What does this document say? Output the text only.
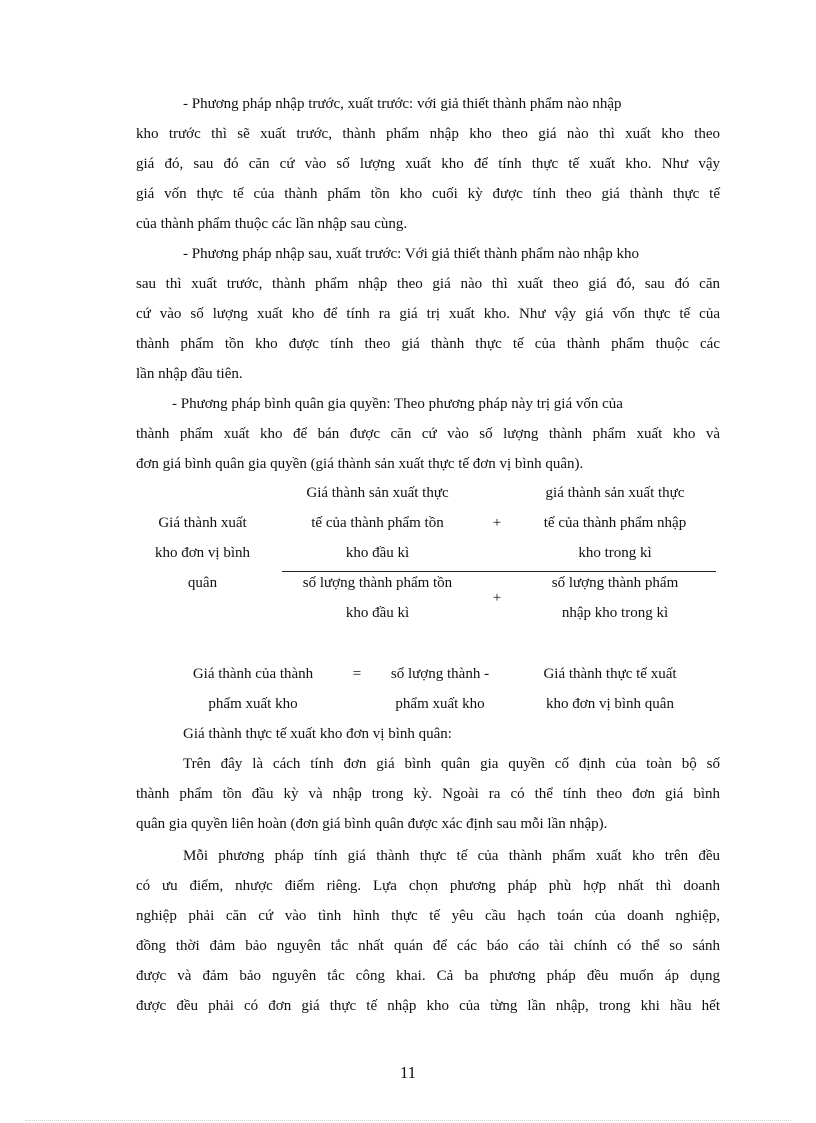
- Phương pháp nhập trước, xuất trước: với giả thiết thành phẩm nào nhập
kho trước thì sẽ xuất trước, thành phẩm nhập kho theo giá nào thì xuất kho theo
giá đó, sau đó căn cứ vào số lượng xuất kho để tính thực tế xuất kho. Như vậy
giá vốn thực tế của thành phẩm tồn kho cuối kỳ được tính theo giá thành thực tế
của thành phẩm thuộc các lần nhập sau cùng.
- Phương pháp nhập sau, xuất trước: Với giả thiết thành phẩm nào nhập kho
sau thì xuất trước, thành phẩm nhập theo giá nào thì xuất theo giá đó, sau đó căn
cứ vào số lượng xuất kho để tính ra giá trị xuất kho. Như vậy giá vốn thực tế của
thành phẩm tồn kho được tính theo giá thành thực tế của thành phẩm thuộc các
lần nhập đầu tiên.
- Phương pháp bình quân gia quyền: Theo phương pháp này trị giá vốn của
thành phẩm xuất kho để bán được căn cứ vào số lượng thành phẩm xuất kho và
đơn giá bình quân gia quyền (giá thành sản xuất thực tế đơn vị bình quân).
Giá thành xuất
kho đơn vị bình
quân
Giá thành sản xuất thực
tế của thành phẩm tồn
kho đầu kì
+
giá thành sản xuất thực
tế của thành phẩm nhập
kho trong kì
số lượng thành phẩm tồn
kho đầu kì
+
số lượng thành phẩm
nhập kho trong kì
Giá thành của thành
phẩm xuất kho
=	số lượng thành -
phẩm xuất kho
Giá thành thực tế xuất
kho đơn vị bình quân
Giá thành thực tế xuất kho đơn vị bình quân:
Trên đây là cách tính đơn giá bình quân gia quyền cố định của toàn bộ số
thành phẩm tồn đầu kỳ và nhập trong kỳ. Ngoài ra có thể tính theo đơn giá bình
quân gia quyền liên hoàn (đơn giá bình quân được xác định sau mỗi lần nhập).
Mỗi phương pháp tính giá thành thực tế của thành phẩm xuất kho trên đều
có ưu điểm, nhược điểm riêng. Lựa chọn phương pháp phù hợp nhất thì doanh
nghiệp phải căn cứ vào tình hình thực tế yêu cầu hạch toán của doanh nghiệp,
đồng thời đảm bảo nguyên tắc nhất quán để các báo cáo tài chính có thể so sánh
được và đảm bảo nguyên tắc công khai. Cả ba phương pháp đều muốn áp dụng
được đều phải có đơn giá thực tế nhập kho của từng lần nhập, trong khi hầu hết
11
